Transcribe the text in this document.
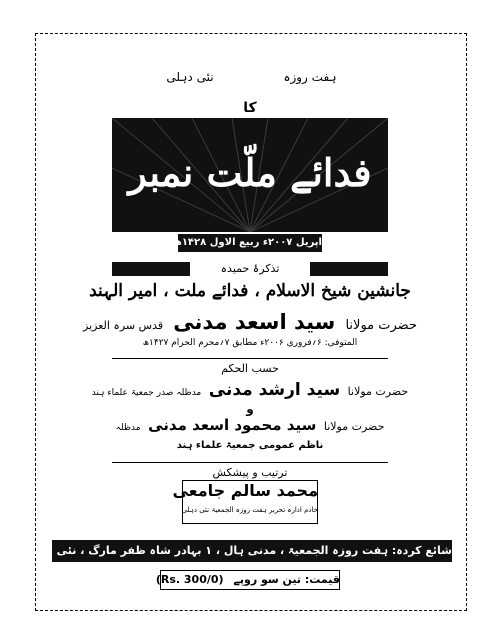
ہفت روزہ
نئی دہلی
کا
فدائے ملّت نمبر
اپریل ۲۰۰۷ء ربیع الاول ۱۴۲۸ھ
تذکرۂ حمیدہ
جانشین شیخ الاسلام ، فدائے ملت ، امیر الہند
حضرت مولانا سید اسعد مدنی قدس سرہ العزیز
المتوفی: ۶؍فروری ۲۰۰۶ء مطابق ۷؍محرم الحرام ۱۴۲۷ھ
حسب الحکم
حضرت مولانا سید ارشد مدنی مدظلہ صدر جمعیۃ علماء ہند
و
حضرت مولانا سید محمود اسعد مدنی مدظلہ
ناظم عمومی جمعیۃ علماء ہند
ترتیب و پیشکش
محمد سالم جامعی
خادم ادارہ تحریر ہفت روزہ الجمعیۃ نئی دہلی
شائع کردہ: ہفت روزہ الجمعیۃ ، مدنی ہال ، ۱ بہادر شاہ ظفر مارگ ، نئی دہلی-۲
قیمت: تین سو روپے (Rs. 300/0)
